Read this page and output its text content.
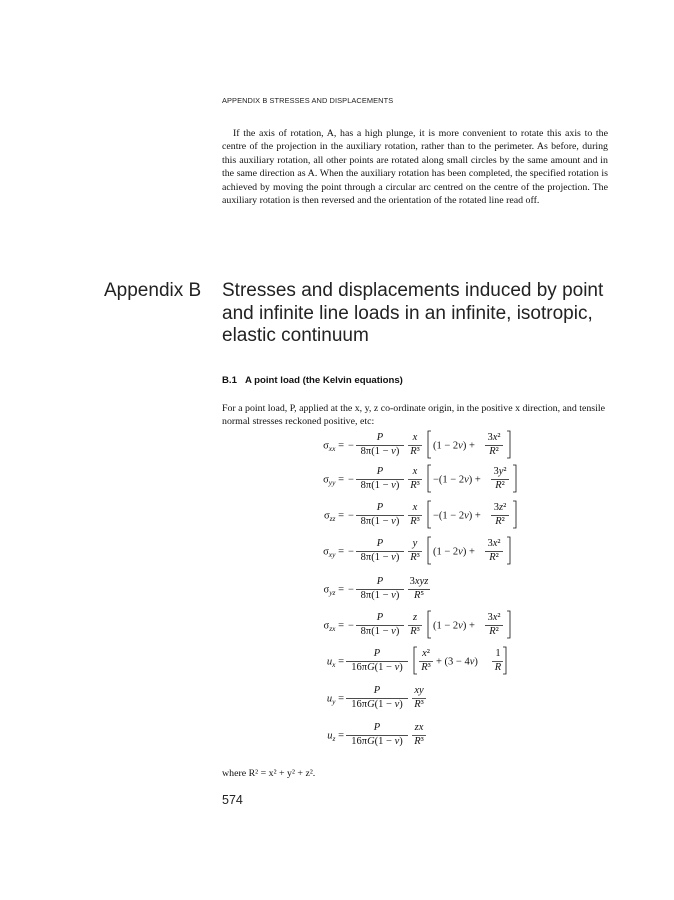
APPENDIX B STRESSES AND DISPLACEMENTS

If the axis of rotation, A, has a high plunge, it is more convenient to rotate this axis to the centre of the projection in the auxiliary rotation, rather than to the perimeter. As before, during this auxiliary rotation, all other points are rotated along small circles by the same amount and in the same direction as A. When the auxiliary rotation has been completed, the specified rotation is achieved by moving the point through a circular arc centred on the centre of the projection. The auxiliary rotation is then reversed and the orientation of the rotated line read off.

Appendix B Stresses and displacements induced by point and infinite line loads in an infinite, isotropic, elastic continuum
B.1 A point load (the Kelvin equations)

For a point load, P, applied at the x, y, z co-ordinate origin, in the positive x direction, and tensile normal stresses reckoned positive, etc:

$\sigma_{xx}$ = −
P
8π(1 − ν)
x
R³ (1 − 2ν) +
3x²
R²
$\sigma_{yy}$ = −
P
8π(1 − ν)
x
R³ −(1 − 2ν) +
3y²
R²
$\sigma_{zz}$ = −
P
8π(1 − ν)
x
R³ −(1 − 2ν) +
3z²
R²
$\sigma_{xy}$ = −
P
8π(1 − ν)
y
R³ (1 − 2ν) +
3x²
R²
$\sigma_{yz}$ = −
P
8π(1 − ν)
3xyz
R⁵
$\sigma_{zx}$ = −
P
8π(1 − ν)
z
R³ (1 − 2ν) +
3x²
R²
$u_x$ =
P
16πG(1 − ν)
x²
R³ + (3 − 4ν)
1
R
$u_y$ =
P
16πG(1 − ν)
xy
R³
$u_z$ =
P
16πG(1 − ν)
zx
R³
where R² = x² + y² + z².
574
